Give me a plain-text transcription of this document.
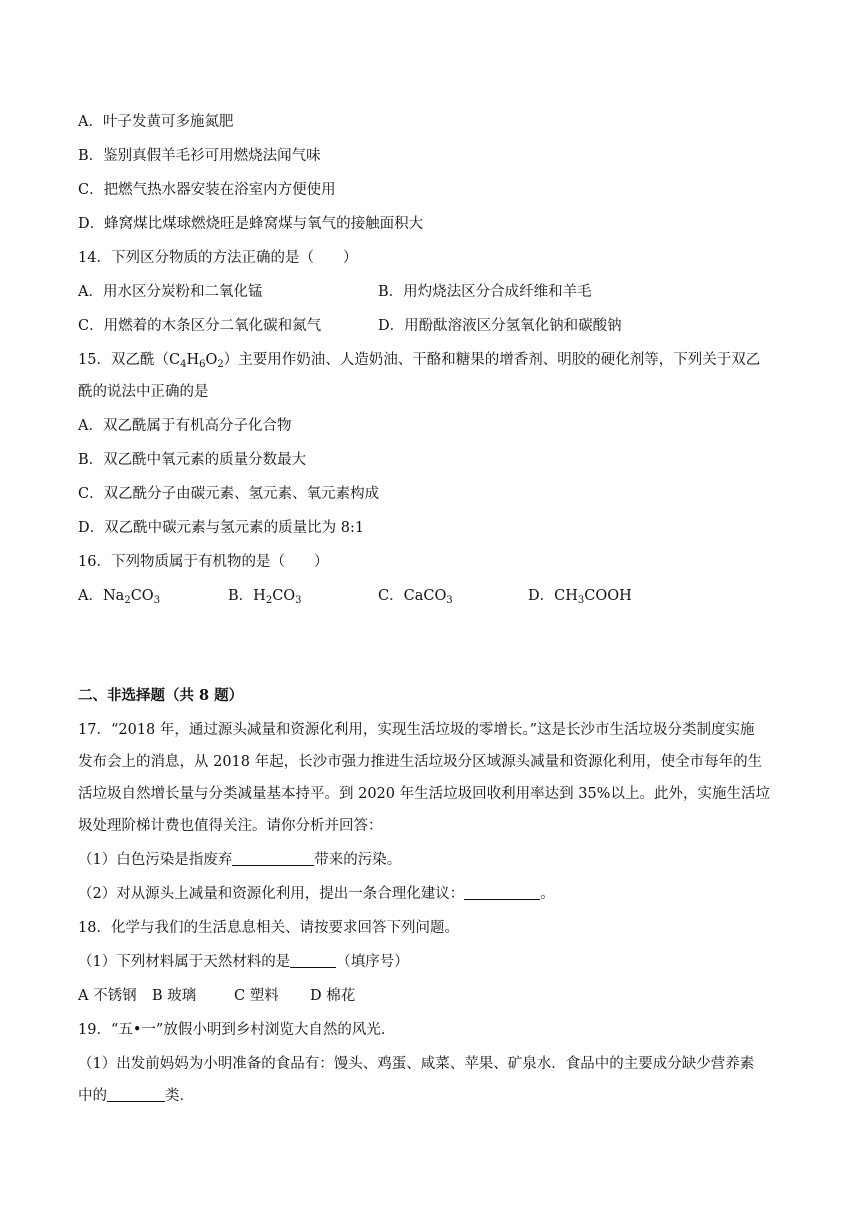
A．叶子发黄可多施氮肥
B．鉴别真假羊毛衫可用燃烧法闻气味
C．把燃气热水器安装在浴室内方便使用
D．蜂窝煤比煤球燃烧旺是蜂窝煤与氧气的接触面积大
14．下列区分物质的方法正确的是（　　）
A．用水区分炭粉和二氧化锰	B．用灼烧法区分合成纤维和羊毛
C．用燃着的木条区分二氧化碳和氮气	D．用酚酞溶液区分氢氧化钠和碳酸钠
15．双乙酰$(C_4H_6O_2)$主要用作奶油、人造奶油、干酪和糖果的增香剂、明胶的硬化剂等，下列关于双乙
酰的说法中正确的是
A．双乙酰属于有机高分子化合物
B．双乙酰中氧元素的质量分数最大
C．双乙酰分子由碳元素、氢元素、氧元素构成
D．双乙酰中碳元素与氢元素的质量比为 8:1
16．下列物质属于有机物的是（　　）
A．$Na_2CO_3$	B．$H_2CO_3$	C．CaCO$_3$	D．$CH_3COOH$
二、非选择题（共 8 题）
17．“2018 年，通过源头减量和资源化利用，实现生活垃圾的零增长。”这是长沙市生活垃圾分类制度实施
发布会上的消息，从 2018 年起，长沙市强力推进生活垃圾分区域源头减量和资源化利用，使全市每年的生
活垃圾自然增长量与分类减量基本持平。到 2020 年生活垃圾回收利用率达到 35%以上。此外，实施生活垃
圾处理阶梯计费也值得关注。请你分析并回答：
（1）白色污染是指废弃	带来的污染。
（2）对从源头上减量和资源化利用，提出一条合理化建议：	。
18．化学与我们的生活息息相关、请按要求回答下列问题。
（1）下列材料属于天然材料的是	（填序号）
A 不锈钢 B 玻璃	C 塑料 D 棉花
19．“五•一”放假小明到乡村浏览大自然的风光．
（1）出发前妈妈为小明准备的食品有：馒头、鸡蛋、咸菜、苹果、矿泉水．食品中的主要成分缺少营养素
中的	类．
